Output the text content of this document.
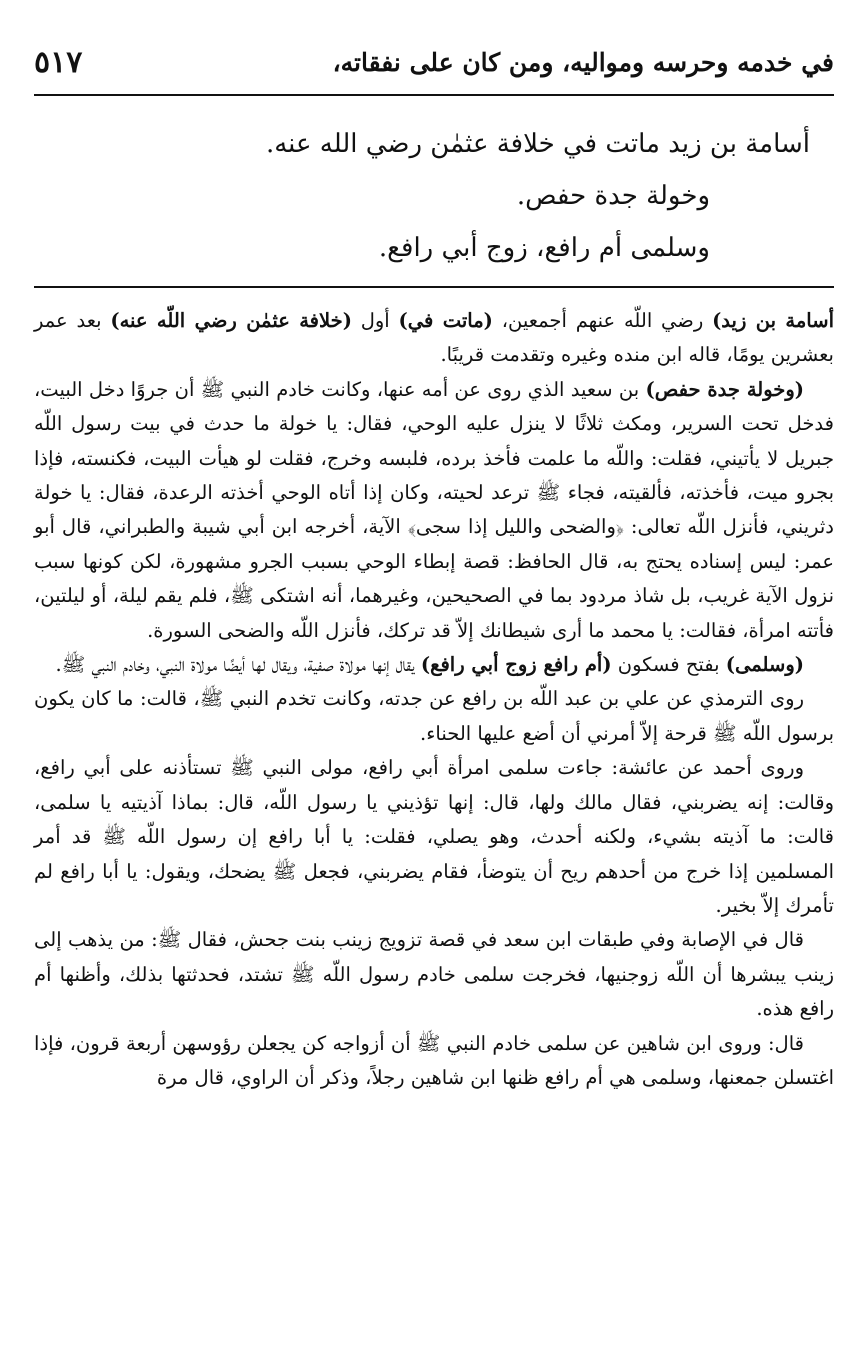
٥١٧	في خدمه وحرسه ومواليه، ومن كان على نفقاته،

أسامة بن زيد ماتت في خلافة عثمٰن رضي الله عنه.

وخولة جدة حفص.

وسلمى أم رافع، زوج أبي رافع.

أسامة بن زيد) رضي اللّه عنهم أجمعين، (ماتت في) أول (خلافة عثمٰن رضي اللّه عنه) بعد عمر بعشرين يومًا، قاله ابن منده وغيره وتقدمت قريبًا.

(وخولة جدة حفص) بن سعيد الذي روى عن أمه عنها، وكانت خادم النبي ﷺ أن جروًا دخل البيت، فدخل تحت السرير، ومكث ثلاثًا لا ينزل عليه الوحي، فقال: يا خولة ما حدث في بيت رسول اللّه جبريل لا يأتيني، فقلت: واللّه ما علمت فأخذ برده، فلبسه وخرج، فقلت لو هيأت البيت، فكنسته، فإذا بجرو ميت، فأخذته، فألقيته، فجاء ﷺ ترعد لحيته، وكان إذا أتاه الوحي أخذته الرعدة، فقال: يا خولة دثريني، فأنزل اللّه تعالى: ﴿والضحى والليل إذا سجى﴾ الآية، أخرجه ابن أبي شيبة والطبراني، قال أبو عمر: ليس إسناده يحتج به، قال الحافظ: قصة إبطاء الوحي بسبب الجرو مشهورة، لكن كونها سبب نزول الآية غريب، بل شاذ مردود بما في الصحيحين، وغيرهما، أنه اشتكى ﷺ، فلم يقم ليلة، أو ليلتين، فأتته امرأة، فقالت: يا محمد ما أرى شيطانك إلاّ قد تركك، فأنزل اللّه والضحى السورة.

(وسلمى) بفتح فسكون (أم رافع زوج أبي رافع) يقال إنها مولاة صفية، ويقال لها أيضًا مولاة النبي، وخادم النبي ﷺ.

روى الترمذي عن علي بن عبد اللّه بن رافع عن جدته، وكانت تخدم النبي ﷺ، قالت: ما كان يكون برسول اللّه ﷺ قرحة إلاّ أمرني أن أضع عليها الحناء.

وروى أحمد عن عائشة: جاءت سلمى امرأة أبي رافع، مولى النبي ﷺ تستأذنه على أبي رافع، وقالت: إنه يضربني، فقال مالك ولها، قال: إنها تؤذيني يا رسول اللّه، قال: بماذا آذيتيه يا سلمى، قالت: ما آذيته بشيء، ولكنه أحدث، وهو يصلي، فقلت: يا أبا رافع إن رسول اللّه ﷺ قد أمر المسلمين إذا خرج من أحدهم ريح أن يتوضأ، فقام يضربني، فجعل ﷺ يضحك، ويقول: يا أبا رافع لم تأمرك إلاّ بخير.

قال في الإصابة وفي طبقات ابن سعد في قصة تزويج زينب بنت جحش، فقال ﷺ: من يذهب إلى زينب يبشرها أن اللّه زوجنيها، فخرجت سلمى خادم رسول اللّه ﷺ تشتد، فحدثتها بذلك، وأظنها أم رافع هذه.

قال: وروى ابن شاهين عن سلمى خادم النبي ﷺ أن أزواجه كن يجعلن رؤوسهن أربعة قرون، فإذا اغتسلن جمعنها، وسلمى هي أم رافع ظنها ابن شاهين رجلاً، وذكر أن الراوي، قال مرة
